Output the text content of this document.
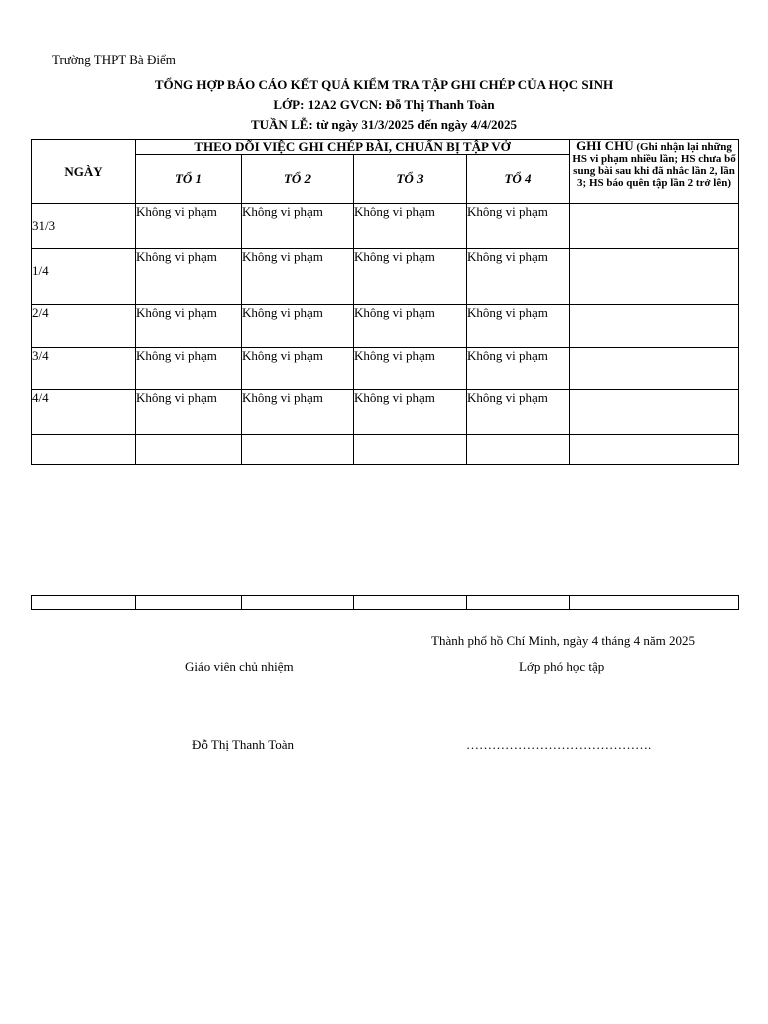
Trường THPT Bà Điểm
TỔNG HỢP BÁO CÁO KẾT QUẢ KIỂM TRA TẬP GHI CHÉP CỦA HỌC SINH
LỚP: 12A2 GVCN: Đỗ Thị Thanh Toàn
TUẦN LỄ: từ ngày 31/3/2025 đến ngày 4/4/2025
NGÀY	THEO DÕI VIỆC GHI CHÉP BÀI, CHUẨN BỊ TẬP VỞ				GHI CHÚ (Ghi nhận lại những HS vi phạm nhiều lần; HS chưa bổ sung bài sau khi đã nhắc lần 2, lần 3; HS báo quên tập lần 2 trở lên)
	TỔ 1	TỔ 2	TỔ 3	TỔ 4	

31/3	Không vi phạm	Không vi phạm	Không vi phạm	Không vi phạm	

1/4	Không vi phạm	Không vi phạm	Không vi phạm	Không vi phạm	

2/4	Không vi phạm	Không vi phạm	Không vi phạm	Không vi phạm	

3/4	Không vi phạm	Không vi phạm	Không vi phạm	Không vi phạm	

4/4	Không vi phạm	Không vi phạm	Không vi phạm	Không vi phạm	

Thành phố hồ Chí Minh, ngày 4 tháng 4 năm 2025
Giáo viên chủ nhiệm	Lớp phó học tập
Đỗ Thị Thanh Toàn	…………………………………….
